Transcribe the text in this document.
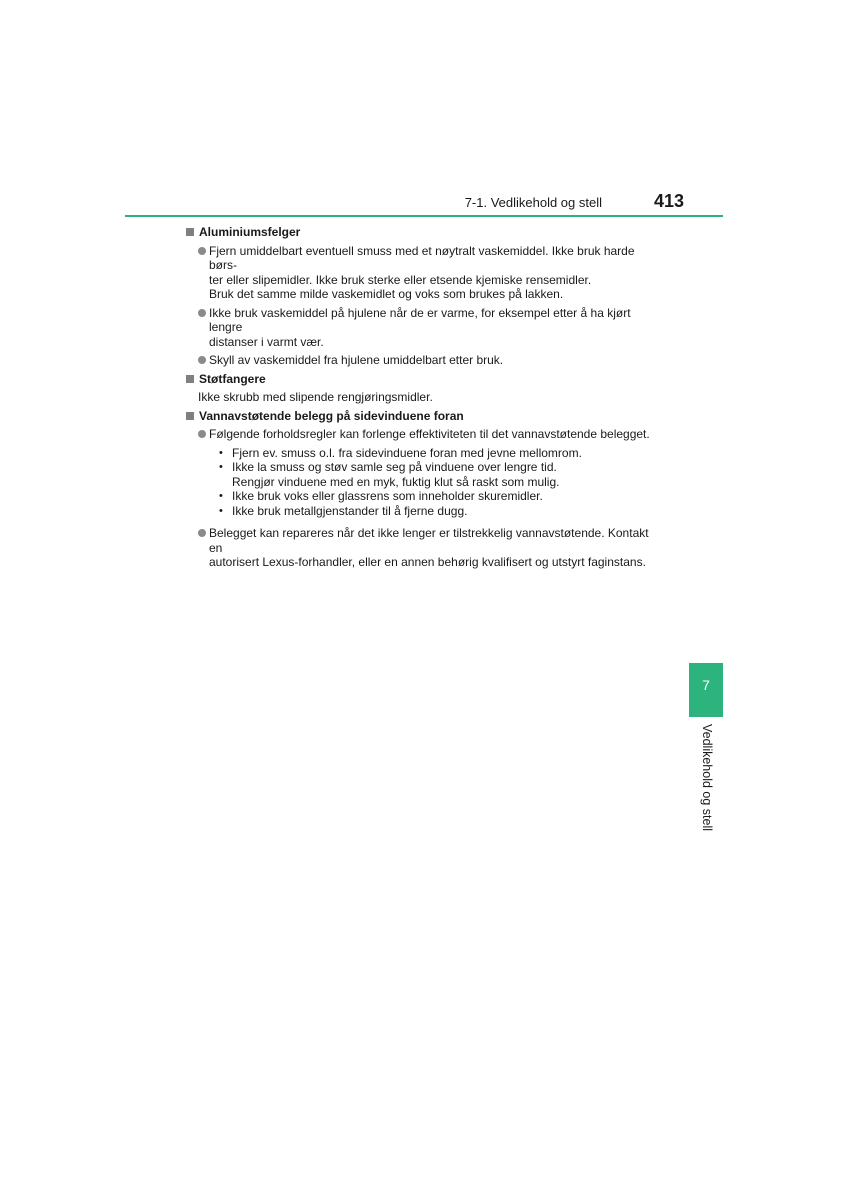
7-1. Vedlikehold og stell	413
Aluminiumsfelger
Fjern umiddelbart eventuell smuss med et nøytralt vaskemiddel. Ikke bruk harde børs-
ter eller slipemidler. Ikke bruk sterke eller etsende kjemiske rensemidler.
Bruk det samme milde vaskemidlet og voks som brukes på lakken.
Ikke bruk vaskemiddel på hjulene når de er varme, for eksempel etter å ha kjørt lengre
distanser i varmt vær.
Skyll av vaskemiddel fra hjulene umiddelbart etter bruk.
Støtfangere

Ikke skrubb med slipende rengjøringsmidler.

Vannavstøtende belegg på sidevinduene foran
Følgende forholdsregler kan forlenge effektiviteten til det vannavstøtende belegget.
• Fjern ev. smuss o.l. fra sidevinduene foran med jevne mellomrom.
• Ikke la smuss og støv samle seg på vinduene over lengre tid.
Rengjør vinduene med en myk, fuktig klut så raskt som mulig.
• Ikke bruk voks eller glassrens som inneholder skuremidler.
• Ikke bruk metallgjenstander til å fjerne dugg.
Belegget kan repareres når det ikke lenger er tilstrekkelig vannavstøtende. Kontakt en
autorisert Lexus-forhandler, eller en annen behørig kvalifisert og utstyrt faginstans.
7
Vedlikehold og stell
